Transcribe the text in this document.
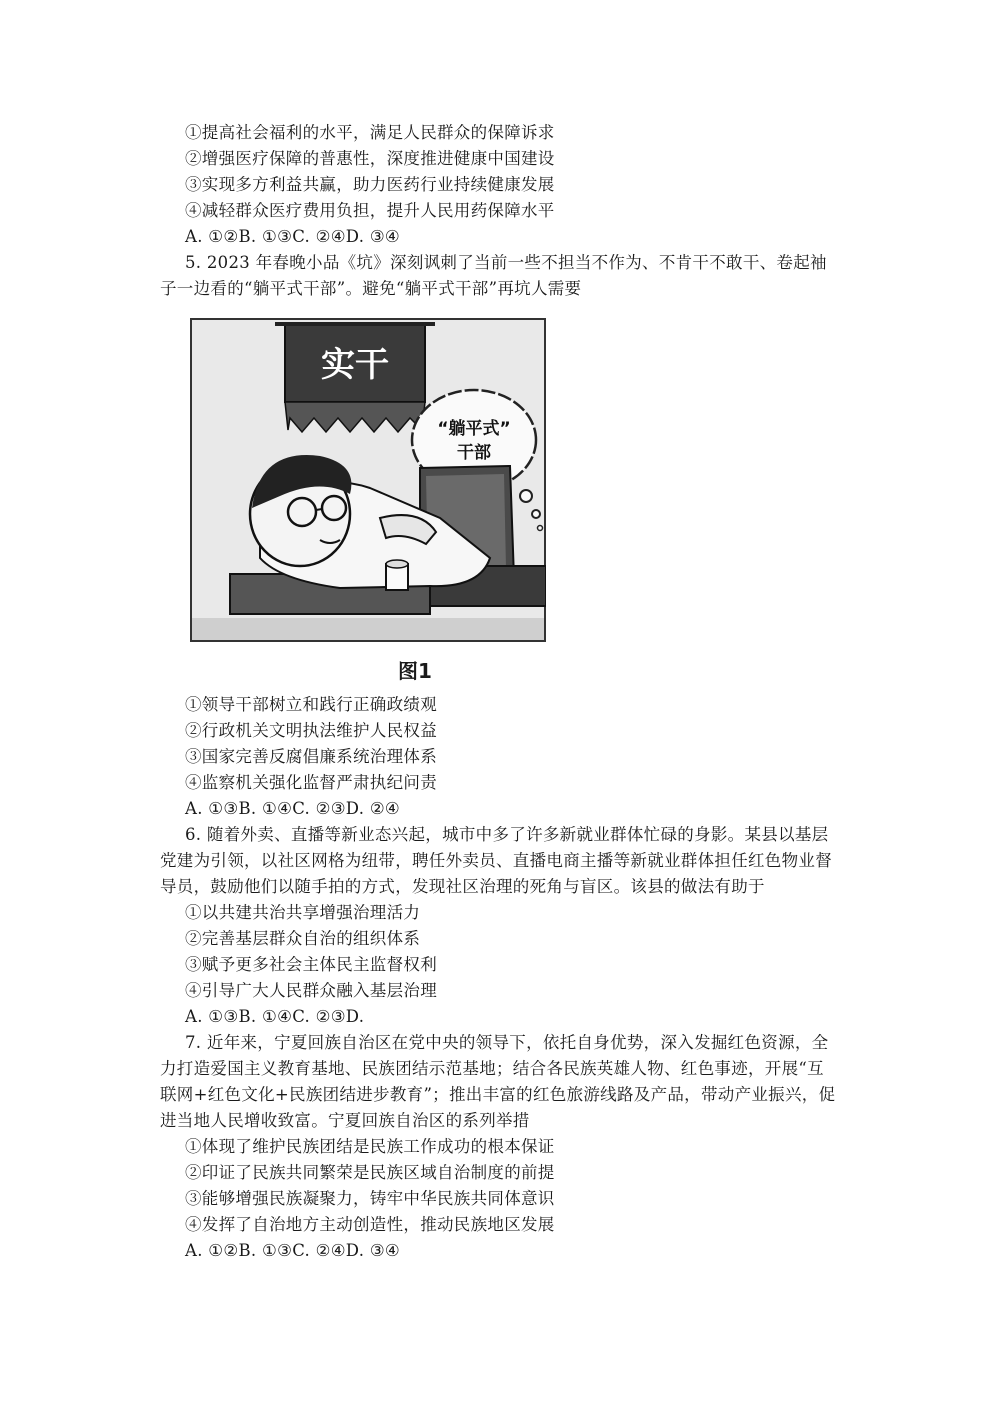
①提高社会福利的水平，满足人民群众的保障诉求
②增强医疗保障的普惠性，深度推进健康中国建设
③实现多方利益共赢，助力医药行业持续健康发展
④减轻群众医疗费用负担，提升人民用药保障水平
A. ①②B. ①③C. ②④D. ③④
5. 2023 年春晚小品《坑》深刻讽刺了当前一些不担当不作为、不肯干不敢干、卷起袖
子一边看的“躺平式干部”。避免“躺平式干部”再坑人需要
实干
“躺平式”
干部
图1
①领导干部树立和践行正确政绩观
②行政机关文明执法维护人民权益
③国家完善反腐倡廉系统治理体系
④监察机关强化监督严肃执纪问责
A. ①③B. ①④C. ②③D. ②④
6. 随着外卖、直播等新业态兴起，城市中多了许多新就业群体忙碌的身影。某县以基层
党建为引领，以社区网格为纽带，聘任外卖员、直播电商主播等新就业群体担任红色物业督
导员，鼓励他们以随手拍的方式，发现社区治理的死角与盲区。该县的做法有助于
①以共建共治共享增强治理活力
②完善基层群众自治的组织体系
③赋予更多社会主体民主监督权利
④引导广大人民群众融入基层治理
A. ①③B. ①④C. ②③D.
7. 近年来，宁夏回族自治区在党中央的领导下，依托自身优势，深入发掘红色资源，全
力打造爱国主义教育基地、民族团结示范基地；结合各民族英雄人物、红色事迹，开展“互
联网+红色文化+民族团结进步教育”；推出丰富的红色旅游线路及产品，带动产业振兴，促
进当地人民增收致富。宁夏回族自治区的系列举措
①体现了维护民族团结是民族工作成功的根本保证
②印证了民族共同繁荣是民族区域自治制度的前提
③能够增强民族凝聚力，铸牢中华民族共同体意识
④发挥了自治地方主动创造性，推动民族地区发展
A. ①②B. ①③C. ②④D. ③④
